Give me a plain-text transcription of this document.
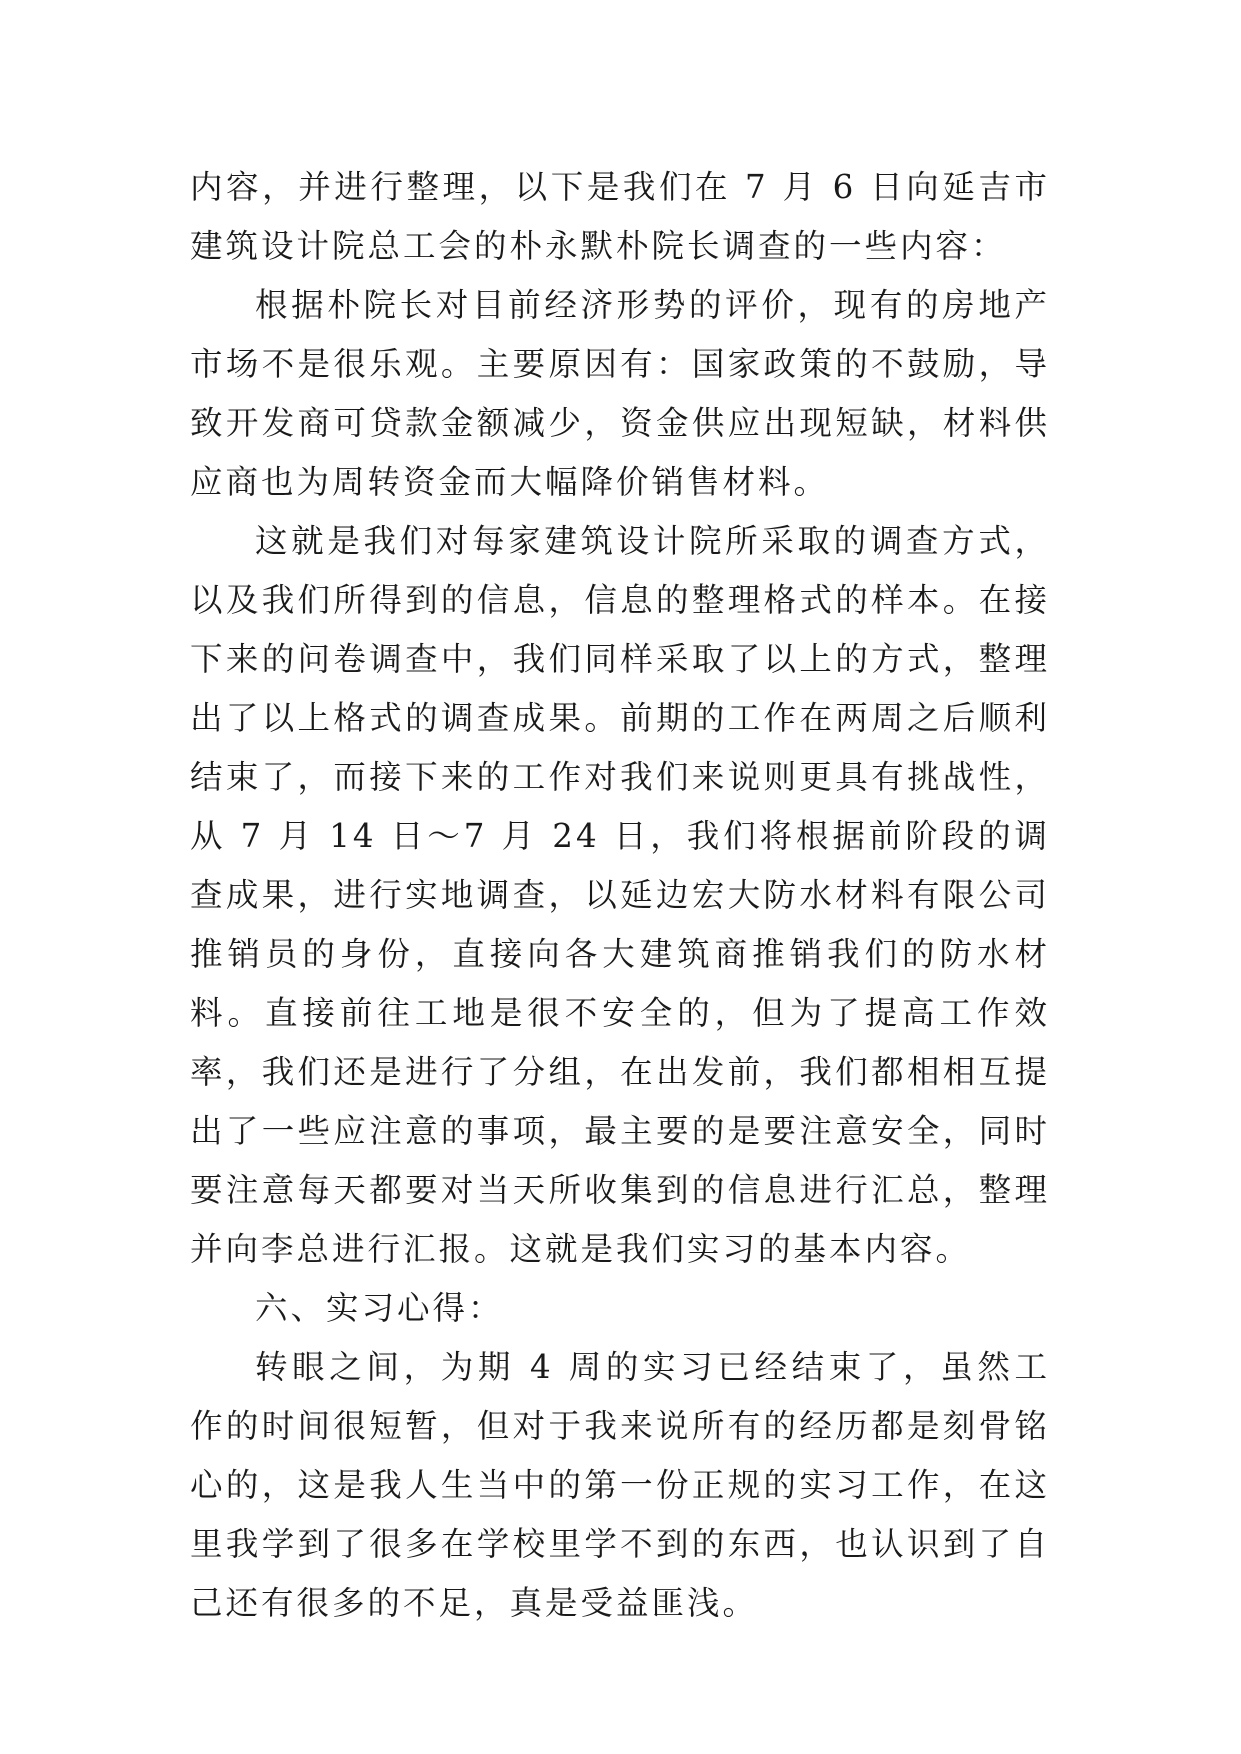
内容，并进行整理，以下是我们在 7 月 6 日向延吉市建筑设计院总工会的朴永默朴院长调查的一些内容：

根据朴院长对目前经济形势的评价，现有的房地产市场不是很乐观。主要原因有：国家政策的不鼓励，导致开发商可贷款金额减少，资金供应出现短缺，材料供应商也为周转资金而大幅降价销售材料。

这就是我们对每家建筑设计院所采取的调查方式，以及我们所得到的信息，信息的整理格式的样本。在接下来的问卷调查中，我们同样采取了以上的方式，整理出了以上格式的调查成果。前期的工作在两周之后顺利结束了，而接下来的工作对我们来说则更具有挑战性，从 7 月 14 日～7 月 24 日，我们将根据前阶段的调查成果，进行实地调查，以延边宏大防水材料有限公司推销员的身份，直接向各大建筑商推销我们的防水材料。直接前往工地是很不安全的，但为了提高工作效率，我们还是进行了分组，在出发前，我们都相相互提出了一些应注意的事项，最主要的是要注意安全，同时要注意每天都要对当天所收集到的信息进行汇总，整理并向李总进行汇报。这就是我们实习的基本内容。

六、实习心得：

转眼之间，为期 4 周的实习已经结束了，虽然工作的时间很短暂，但对于我来说所有的经历都是刻骨铭心的，这是我人生当中的第一份正规的实习工作，在这里我学到了很多在学校里学不到的东西，也认识到了自己还有很多的不足，真是受益匪浅。
